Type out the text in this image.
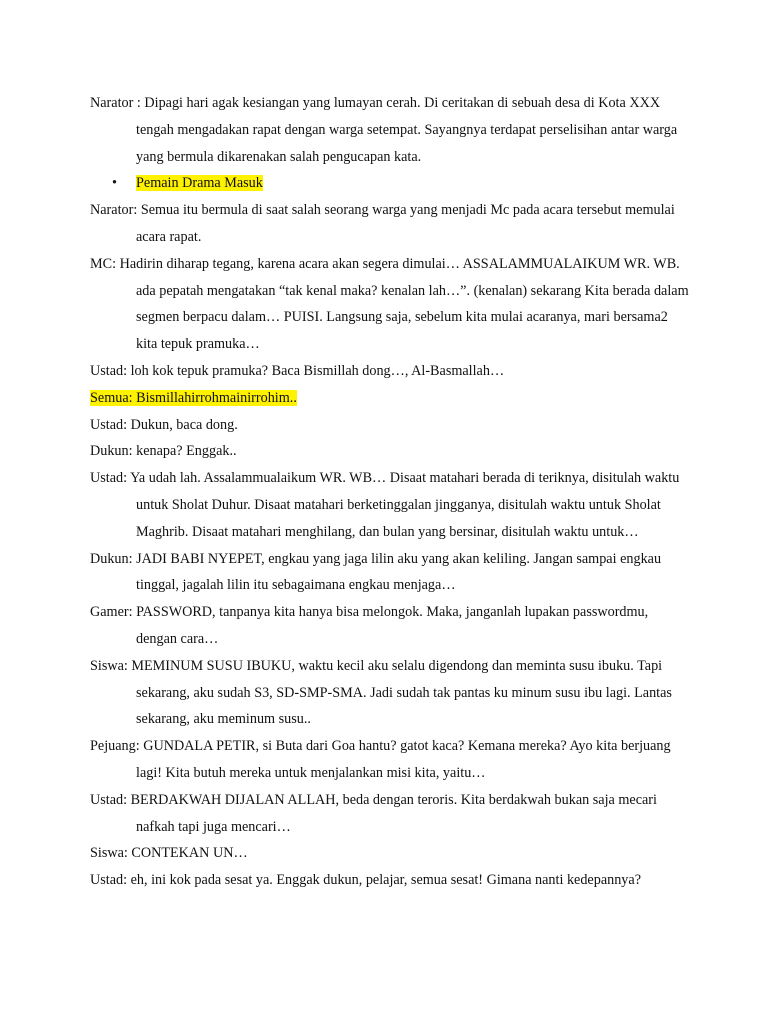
Narator : Dipagi hari agak kesiangan yang lumayan cerah. Di ceritakan di sebuah desa di Kota XXX tengah mengadakan rapat dengan warga setempat. Sayangnya terdapat perselisihan antar warga yang bermula dikarenakan salah pengucapan kata.

• Pemain Drama Masuk

Narator: Semua itu bermula di saat salah seorang warga yang menjadi Mc pada acara tersebut memulai acara rapat.

MC: Hadirin diharap tegang, karena acara akan segera dimulai… ASSALAMMUALAIKUM WR. WB. ada pepatah mengatakan “tak kenal maka? kenalan lah…”. (kenalan) sekarang Kita berada dalam segmen berpacu dalam… PUISI. Langsung saja, sebelum kita mulai acaranya, mari bersama2 kita tepuk pramuka…

Ustad: loh kok tepuk pramuka? Baca Bismillah dong…, Al-Basmallah…

Semua: Bismillahirrohmainirrohim..

Ustad: Dukun, baca dong.

Dukun: kenapa? Enggak..

Ustad: Ya udah lah. Assalammualaikum WR. WB… Disaat matahari berada di teriknya, disitulah waktu untuk Sholat Duhur. Disaat matahari berketinggalan jingganya, disitulah waktu untuk Sholat Maghrib. Disaat matahari menghilang, dan bulan yang bersinar, disitulah waktu untuk…

Dukun: JADI BABI NYEPET, engkau yang jaga lilin aku yang akan keliling. Jangan sampai engkau tinggal, jagalah lilin itu sebagaimana engkau menjaga…

Gamer: PASSWORD, tanpanya kita hanya bisa melongok. Maka, janganlah lupakan passwordmu, dengan cara…

Siswa: MEMINUM SUSU IBUKU, waktu kecil aku selalu digendong dan meminta susu ibuku. Tapi sekarang, aku sudah S3, SD-SMP-SMA. Jadi sudah tak pantas ku minum susu ibu lagi. Lantas sekarang, aku meminum susu..

Pejuang: GUNDALA PETIR, si Buta dari Goa hantu? gatot kaca? Kemana mereka? Ayo kita berjuang lagi! Kita butuh mereka untuk menjalankan misi kita, yaitu…

Ustad: BERDAKWAH DIJALAN ALLAH, beda dengan teroris. Kita berdakwah bukan saja mecari nafkah tapi juga mencari…

Siswa: CONTEKAN UN…

Ustad: eh, ini kok pada sesat ya. Enggak dukun, pelajar, semua sesat! Gimana nanti kedepannya?
